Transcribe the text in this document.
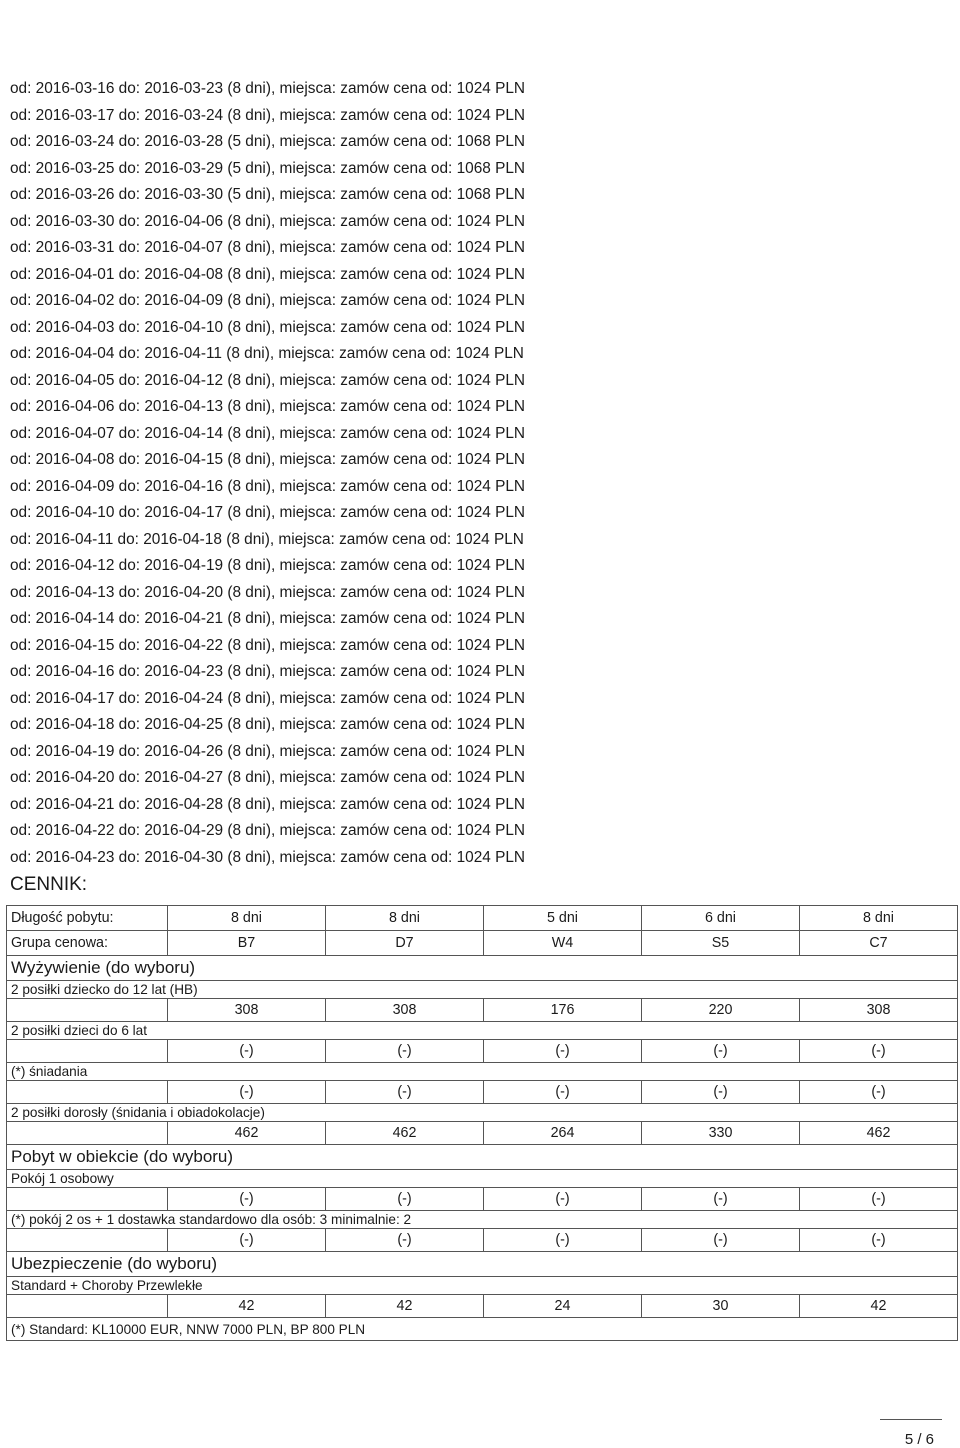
od: 2016-03-16 do: 2016-03-23 (8 dni), miejsca: zamów cena od: 1024 PLN
od: 2016-03-17 do: 2016-03-24 (8 dni), miejsca: zamów cena od: 1024 PLN
od: 2016-03-24 do: 2016-03-28 (5 dni), miejsca: zamów cena od: 1068 PLN
od: 2016-03-25 do: 2016-03-29 (5 dni), miejsca: zamów cena od: 1068 PLN
od: 2016-03-26 do: 2016-03-30 (5 dni), miejsca: zamów cena od: 1068 PLN
od: 2016-03-30 do: 2016-04-06 (8 dni), miejsca: zamów cena od: 1024 PLN
od: 2016-03-31 do: 2016-04-07 (8 dni), miejsca: zamów cena od: 1024 PLN
od: 2016-04-01 do: 2016-04-08 (8 dni), miejsca: zamów cena od: 1024 PLN
od: 2016-04-02 do: 2016-04-09 (8 dni), miejsca: zamów cena od: 1024 PLN
od: 2016-04-03 do: 2016-04-10 (8 dni), miejsca: zamów cena od: 1024 PLN
od: 2016-04-04 do: 2016-04-11 (8 dni), miejsca: zamów cena od: 1024 PLN
od: 2016-04-05 do: 2016-04-12 (8 dni), miejsca: zamów cena od: 1024 PLN
od: 2016-04-06 do: 2016-04-13 (8 dni), miejsca: zamów cena od: 1024 PLN
od: 2016-04-07 do: 2016-04-14 (8 dni), miejsca: zamów cena od: 1024 PLN
od: 2016-04-08 do: 2016-04-15 (8 dni), miejsca: zamów cena od: 1024 PLN
od: 2016-04-09 do: 2016-04-16 (8 dni), miejsca: zamów cena od: 1024 PLN
od: 2016-04-10 do: 2016-04-17 (8 dni), miejsca: zamów cena od: 1024 PLN
od: 2016-04-11 do: 2016-04-18 (8 dni), miejsca: zamów cena od: 1024 PLN
od: 2016-04-12 do: 2016-04-19 (8 dni), miejsca: zamów cena od: 1024 PLN
od: 2016-04-13 do: 2016-04-20 (8 dni), miejsca: zamów cena od: 1024 PLN
od: 2016-04-14 do: 2016-04-21 (8 dni), miejsca: zamów cena od: 1024 PLN
od: 2016-04-15 do: 2016-04-22 (8 dni), miejsca: zamów cena od: 1024 PLN
od: 2016-04-16 do: 2016-04-23 (8 dni), miejsca: zamów cena od: 1024 PLN
od: 2016-04-17 do: 2016-04-24 (8 dni), miejsca: zamów cena od: 1024 PLN
od: 2016-04-18 do: 2016-04-25 (8 dni), miejsca: zamów cena od: 1024 PLN
od: 2016-04-19 do: 2016-04-26 (8 dni), miejsca: zamów cena od: 1024 PLN
od: 2016-04-20 do: 2016-04-27 (8 dni), miejsca: zamów cena od: 1024 PLN
od: 2016-04-21 do: 2016-04-28 (8 dni), miejsca: zamów cena od: 1024 PLN
od: 2016-04-22 do: 2016-04-29 (8 dni), miejsca: zamów cena od: 1024 PLN
od: 2016-04-23 do: 2016-04-30 (8 dni), miejsca: zamów cena od: 1024 PLN
CENNIK:
Długość pobytu:	8 dni	8 dni	5 dni	6 dni	8 dni
Grupa cenowa:	B7	D7	W4	S5	C7
Wyżywienie (do wyboru)					
2 posiłki dziecko do 12 lat (HB)					
	308	308	176	220	308
2 posiłki dzieci do 6 lat					
	(-)	(-)	(-)	(-)	(-)
(*) śniadania					
	(-)	(-)	(-)	(-)	(-)
2 posiłki dorosły (śnidania i obiadokolacje)					
	462	462	264	330	462
Pobyt w obiekcie (do wyboru)					
Pokój 1 osobowy					
	(-)	(-)	(-)	(-)	(-)
(*) pokój 2 os + 1 dostawka standardowo dla osób: 3 minimalnie: 2					
	(-)	(-)	(-)	(-)	(-)
Ubezpieczenie (do wyboru)					
Standard + Choroby Przewlekłe					
	42	42	24	30	42
(*) Standard: KL10000 EUR, NNW 7000 PLN, BP 800 PLN					
5 / 6
